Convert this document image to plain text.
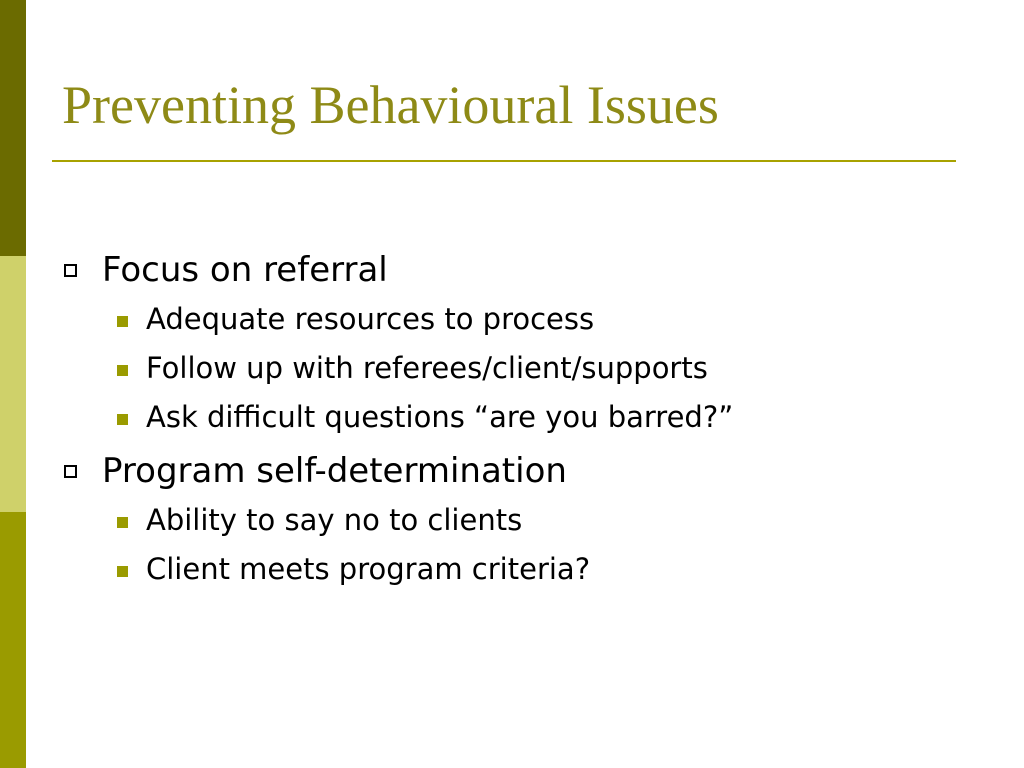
Preventing Behavioural Issues
Focus on referral
Adequate resources to process
Follow up with referees/client/supports
Ask difficult questions “are you barred?”
Program self-determination
Ability to say no to clients
Client meets program criteria?
